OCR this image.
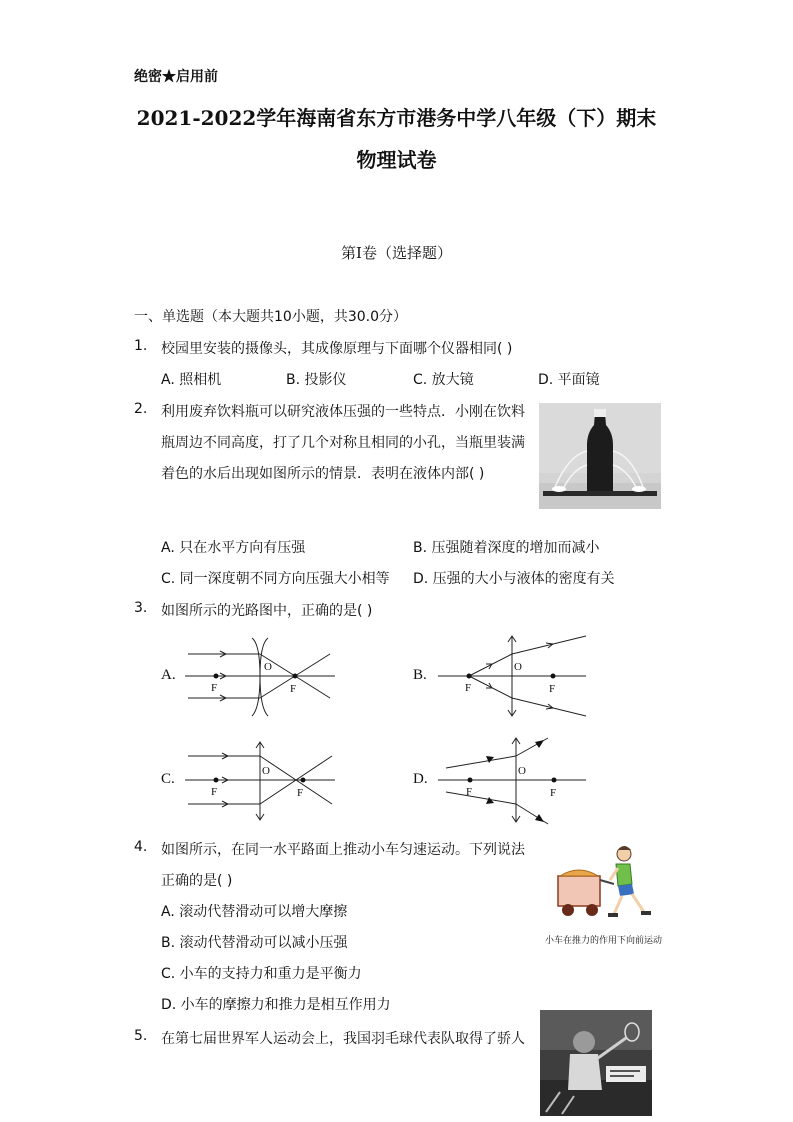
绝密★启用前
2021-2022学年海南省东方市港务中学八年级（下）期末
物理试卷
第I卷（选择题）
一、单选题（本大题共10小题，共30.0分）
1. 校园里安装的摄像头，其成像原理与下面哪个仪器相同( )
A. 照相机	B. 投影仪	C. 放大镜	D. 平面镜
2. 利用废弃饮料瓶可以研究液体压强的一些特点．小刚在饮料
瓶周边不同高度，打了几个对称且相同的小孔，当瓶里装满
着色的水后出现如图所示的情景．表明在液体内部( )
A. 只在水平方向有压强	B. 压强随着深度的增加而减小
C. 同一深度朝不同方向压强大小相等 D. 压强的大小与液体的密度有关
3. 如图所示的光路图中，正确的是( )
A.	O
F	F
B.	O
F	F
C.	O
F	F
D.	O
F	F
4. 如图所示，在同一水平路面上推动小车匀速运动。下列说法
正确的是( )
A. 滚动代替滑动可以增大摩擦
B. 滚动代替滑动可以减小压强
C. 小车的支持力和重力是平衡力
D. 小车的摩擦力和推力是相互作用力
小车在推力的作用下向前运动
5. 在第七届世界军人运动会上，我国羽毛球代表队取得了骄人
